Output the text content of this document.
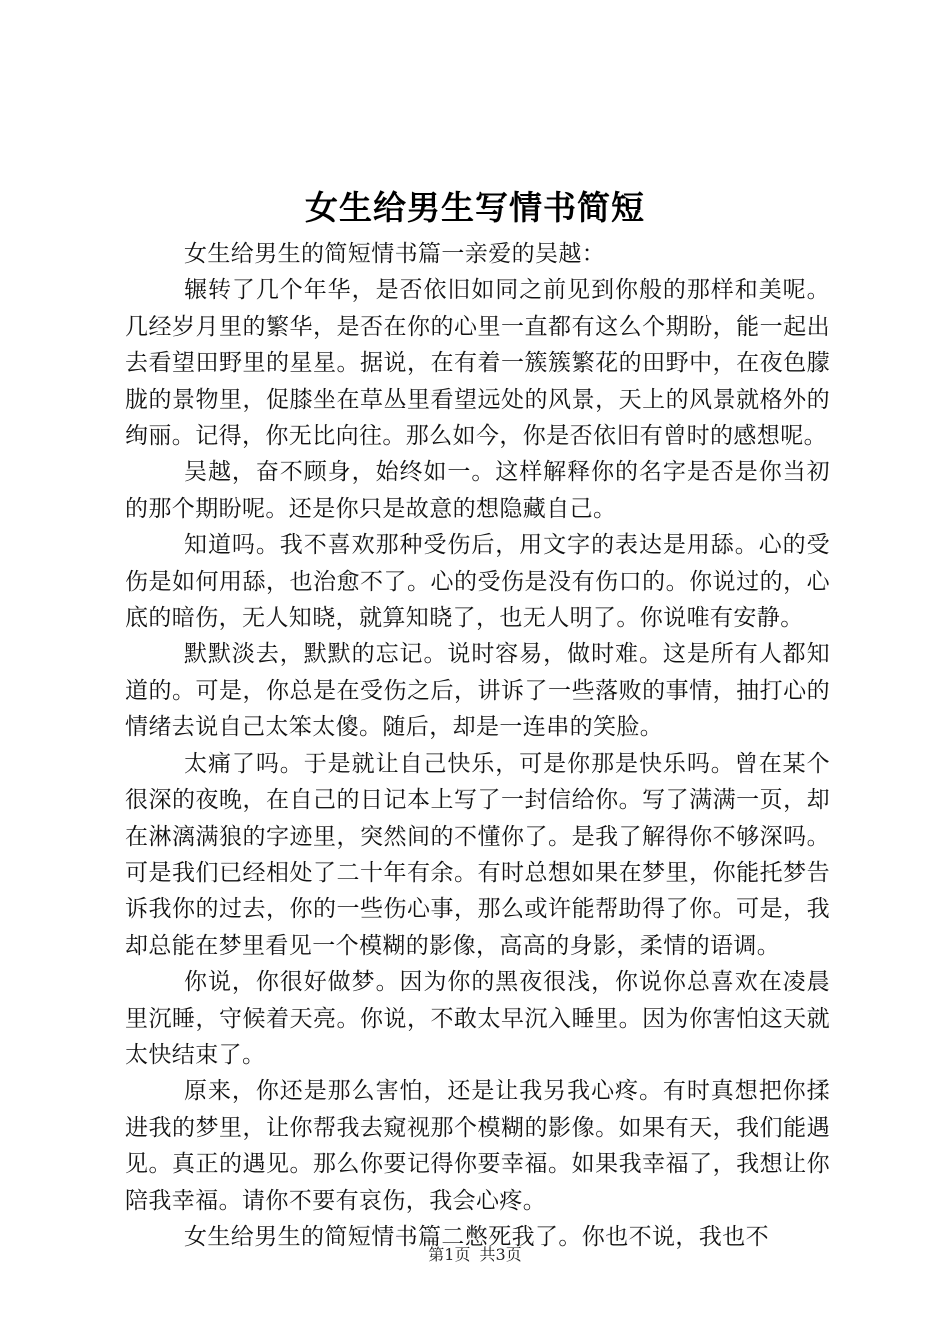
女生给男生写情书简短

女生给男生的简短情书篇一亲爱的吴越：

辗转了几个年华，是否依旧如同之前见到你般的那样和美呢。几经岁月里的繁华，是否在你的心里一直都有这么个期盼，能一起出去看望田野里的星星。据说，在有着一簇簇繁花的田野中，在夜色朦胧的景物里，促膝坐在草丛里看望远处的风景，天上的风景就格外的绚丽。记得，你无比向往。那么如今，你是否依旧有曾时的感想呢。

吴越，奋不顾身，始终如一。这样解释你的名字是否是你当初的那个期盼呢。还是你只是故意的想隐藏自己。

知道吗。我不喜欢那种受伤后，用文字的表达是用舔。心的受伤是如何用舔，也治愈不了。心的受伤是没有伤口的。你说过的，心底的暗伤，无人知晓，就算知晓了，也无人明了。你说唯有安静。

默默淡去，默默的忘记。说时容易，做时难。这是所有人都知道的。可是，你总是在受伤之后，讲诉了一些落败的事情，抽打心的情绪去说自己太笨太傻。随后，却是一连串的笑脸。

太痛了吗。于是就让自己快乐，可是你那是快乐吗。曾在某个很深的夜晚，在自己的日记本上写了一封信给你。写了满满一页，却在淋漓满狼的字迹里，突然间的不懂你了。是我了解得你不够深吗。可是我们已经相处了二十年有余。有时总想如果在梦里，你能托梦告诉我你的过去，你的一些伤心事，那么或许能帮助得了你。可是，我却总能在梦里看见一个模糊的影像，高高的身影，柔情的语调。

你说，你很好做梦。因为你的黑夜很浅，你说你总喜欢在凌晨里沉睡，守候着天亮。你说，不敢太早沉入睡里。因为你害怕这天就太快结束了。

原来，你还是那么害怕，还是让我另我心疼。有时真想把你揉进我的梦里，让你帮我去窥视那个模糊的影像。如果有天，我们能遇见。真正的遇见。那么你要记得你要幸福。如果我幸福了，我想让你陪我幸福。请你不要有哀伤，我会心疼。

女生给男生的简短情书篇二憋死我了。你也不说，我也不

第1页 共3页
